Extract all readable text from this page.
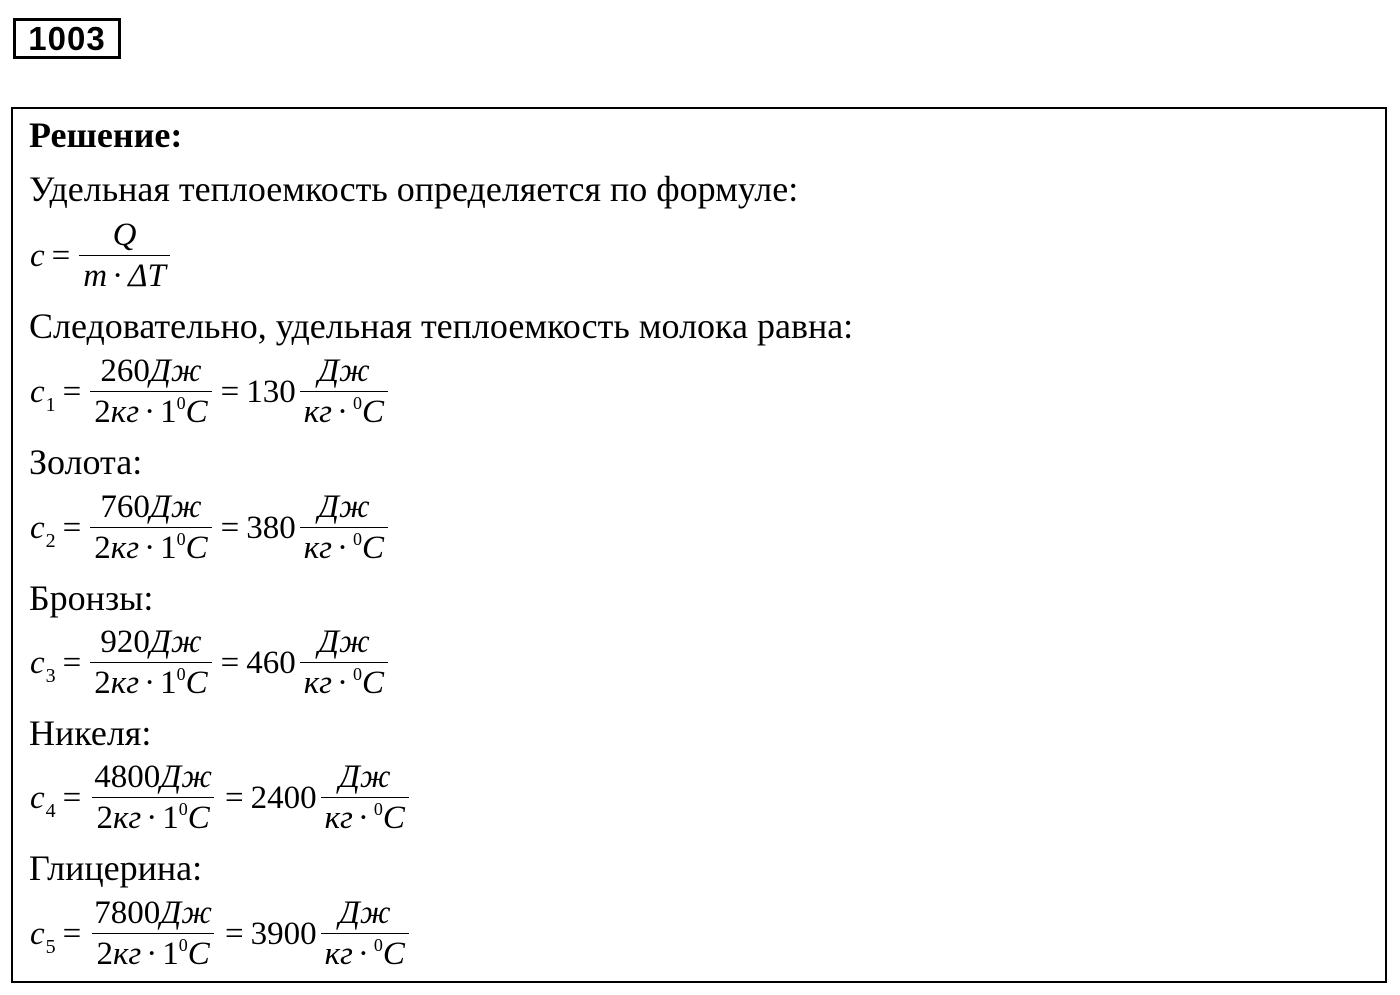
1003
Решение:
Удельная теплоемкость определяется по формуле:
$c = \frac{Q}{m \cdot \Delta T}$
Следовательно, удельная теплоемкость молока равна:
$c_1 = \frac{260Дж}{2кг \cdot 1^0C} = 130 \frac{Дж}{кг \cdot ^0C}$
Золота:
$c_2 = \frac{760Дж}{2кг \cdot 1^0C} = 380 \frac{Дж}{кг \cdot ^0C}$
Бронзы:
$c_3 = \frac{920Дж}{2кг \cdot 1^0C} = 460 \frac{Дж}{кг \cdot ^0C}$
Никеля:
$c_4 = \frac{4800Дж}{2кг \cdot 1^0C} = 2400 \frac{Дж}{кг \cdot ^0C}$
Глицерина:
$c_5 = \frac{7800Дж}{2кг \cdot 1^0C} = 3900 \frac{Дж}{кг \cdot ^0C}$
